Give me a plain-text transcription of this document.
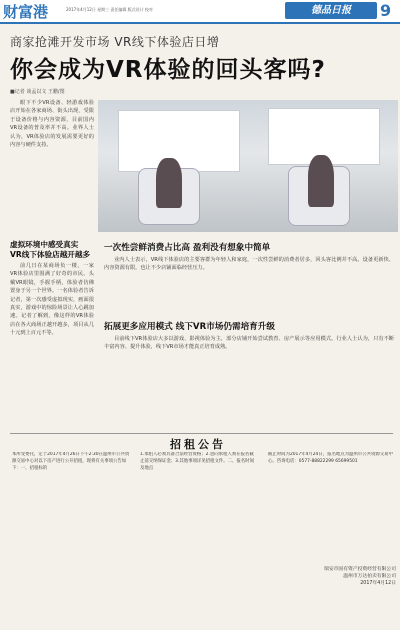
财富港	2017年4月12日 星期三 责任编辑 版式设计 校对	德品日报	9
商家抢滩开发市场 VR线下体验店日增
你会成为VR体验的回头客吗?
■记者 谈孟以文 王鹏/图

眼下不少VR设备、轻游戏体验店开始在各家商场、街头出现，受限于设备价格与内容资源，目前国内VR设备的普及率并不高。业界人士认为，VR体验店的发展需要更好的内容与硬件支持。

虚拟环境中感受真实 VR线下体验店越开越多
一次性尝鲜消费占比高 盈利没有想象中简单
拓展更多应用模式 线下VR市场仍需培育升级

前几日在某商场负一楼，一家VR体验店里围满了好奇的市民。头戴VR眼镜，手握手柄，体验者仿佛置身于另一个世界。一名体验者告诉记者，第一次感受虚拟现实，画面很真实，游戏中的惊险场景让人心跳加速。记者了解到，像这样的VR体验店在各大商场正越开越多，项目从几十元到上百元不等。

业内人士表示，VR线下体验店的主要客群为年轻人和家庭，一次性尝鲜的消费者居多，回头客比例并不高。设备更新快、内容资源有限，也让不少店铺面临经营压力。

目前线下VR体验店大多以游戏、影视体验为主，部分店铺开始尝试教育、房产展示等应用模式。行业人士认为，只有不断丰富内容、提升体验，线下VR市场才能真正培育成熟。

招租公告

本所受委托，定于2017年4月26日下午2:30在温州市公共资源交易中心对以下房产进行公开招租，现将有关事项公告如下：一、招租标的

1.承租人必须具备合法经营资格；2.意向承租人须在报名截止前交纳保证金；3.其他事项详见招租文件。二、报名时间及地点

截止时间为2017年4月24日，报名地点为温州市公共资源交易中心。咨询电话：0577-88822299 65699501

瑞安市国有资产投资经营有限公司
温州市万达拍卖有限公司
2017年4月12日
